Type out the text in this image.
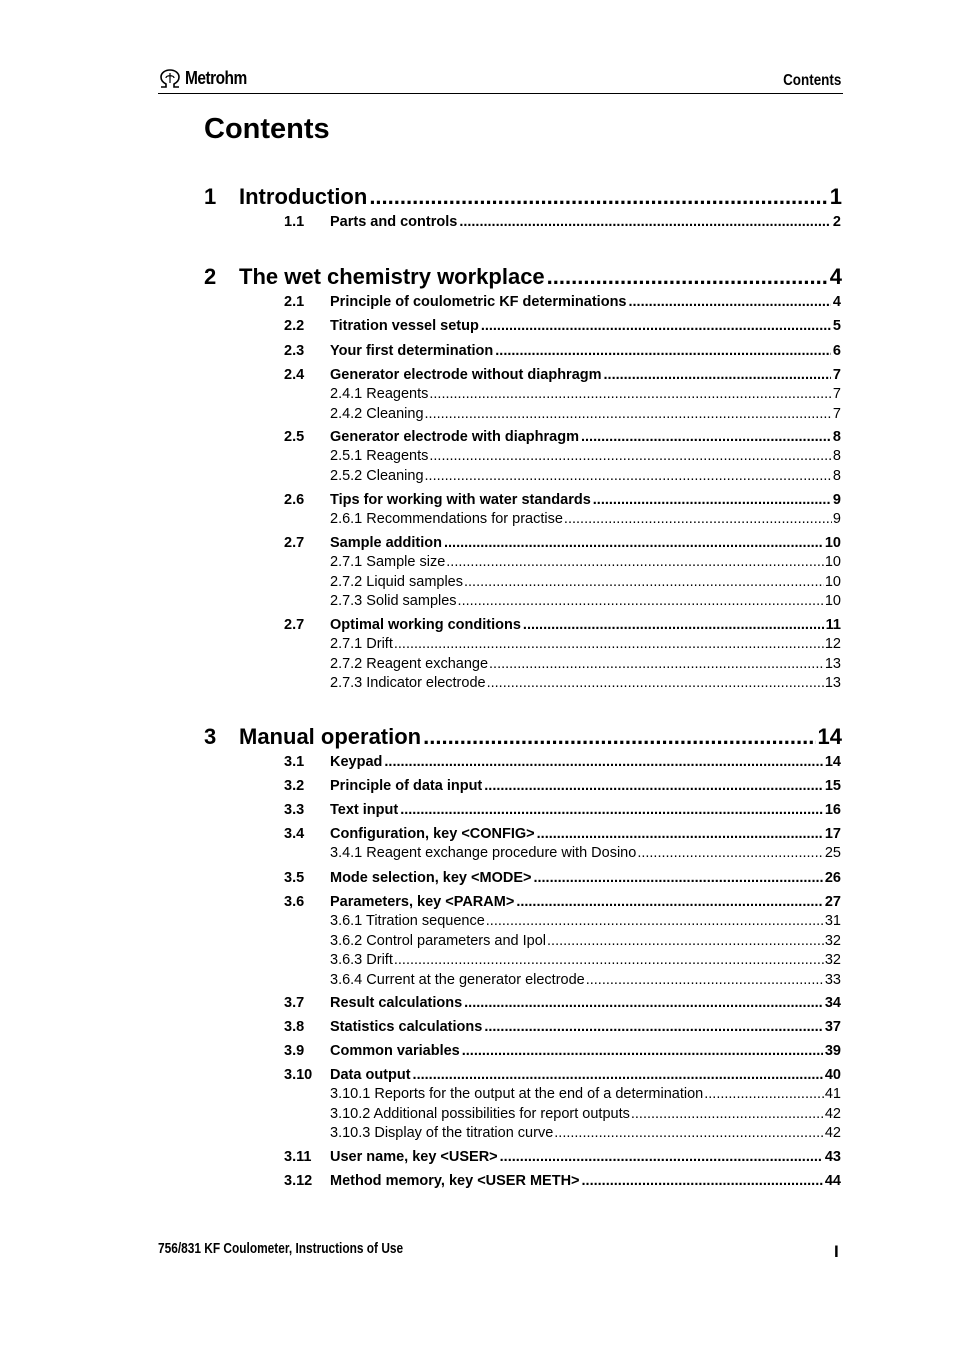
Metrohm	Contents
Contents
1	Introduction .....	1
1.1	Parts and controls .....	2
2	The wet chemistry workplace .....	4
2.1	Principle of coulometric KF determinations .....	4
2.2	Titration vessel setup .....	5
2.3	Your first determination .....	6
2.4	Generator electrode without diaphragm .....	7
2.4.1 Reagents .....	7
2.4.2 Cleaning .....	7
2.5	Generator electrode with diaphragm .....	8
2.5.1 Reagents .....	8
2.5.2 Cleaning .....	8
2.6	Tips for working with water standards .....	9
2.6.1 Recommendations for practise .....	9
2.7	Sample addition .....	10
2.7.1 Sample size .....	10
2.7.2 Liquid samples .....	10
2.7.3 Solid samples .....	10
2.7	Optimal working conditions .....	11
2.7.1 Drift .....	12
2.7.2 Reagent exchange .....	13
2.7.3 Indicator electrode .....	13
3	Manual operation .....	14
3.1	Keypad .....	14
3.2	Principle of data input .....	15
3.3	Text input .....	16
3.4	Configuration, key <CONFIG> .....	17
3.4.1 Reagent exchange procedure with Dosino .....	25
3.5	Mode selection, key <MODE> .....	26
3.6	Parameters, key <PARAM> .....	27
3.6.1 Titration sequence .....	31
3.6.2 Control parameters and Ipol .....	32
3.6.3 Drift .....	32
3.6.4 Current at the generator electrode .....	33
3.7	Result calculations .....	34
3.8	Statistics calculations .....	37
3.9	Common variables .....	39
3.10	Data output .....	40
3.10.1 Reports for the output at the end of a determination .....	41
3.10.2 Additional possibilities for report outputs .....	42
3.10.3 Display of the titration curve .....	42
3.11	User name, key <USER> .....	43
3.12	Method memory, key <USER METH> .....	44
756/831 KF Coulometer, Instructions of Use	I
